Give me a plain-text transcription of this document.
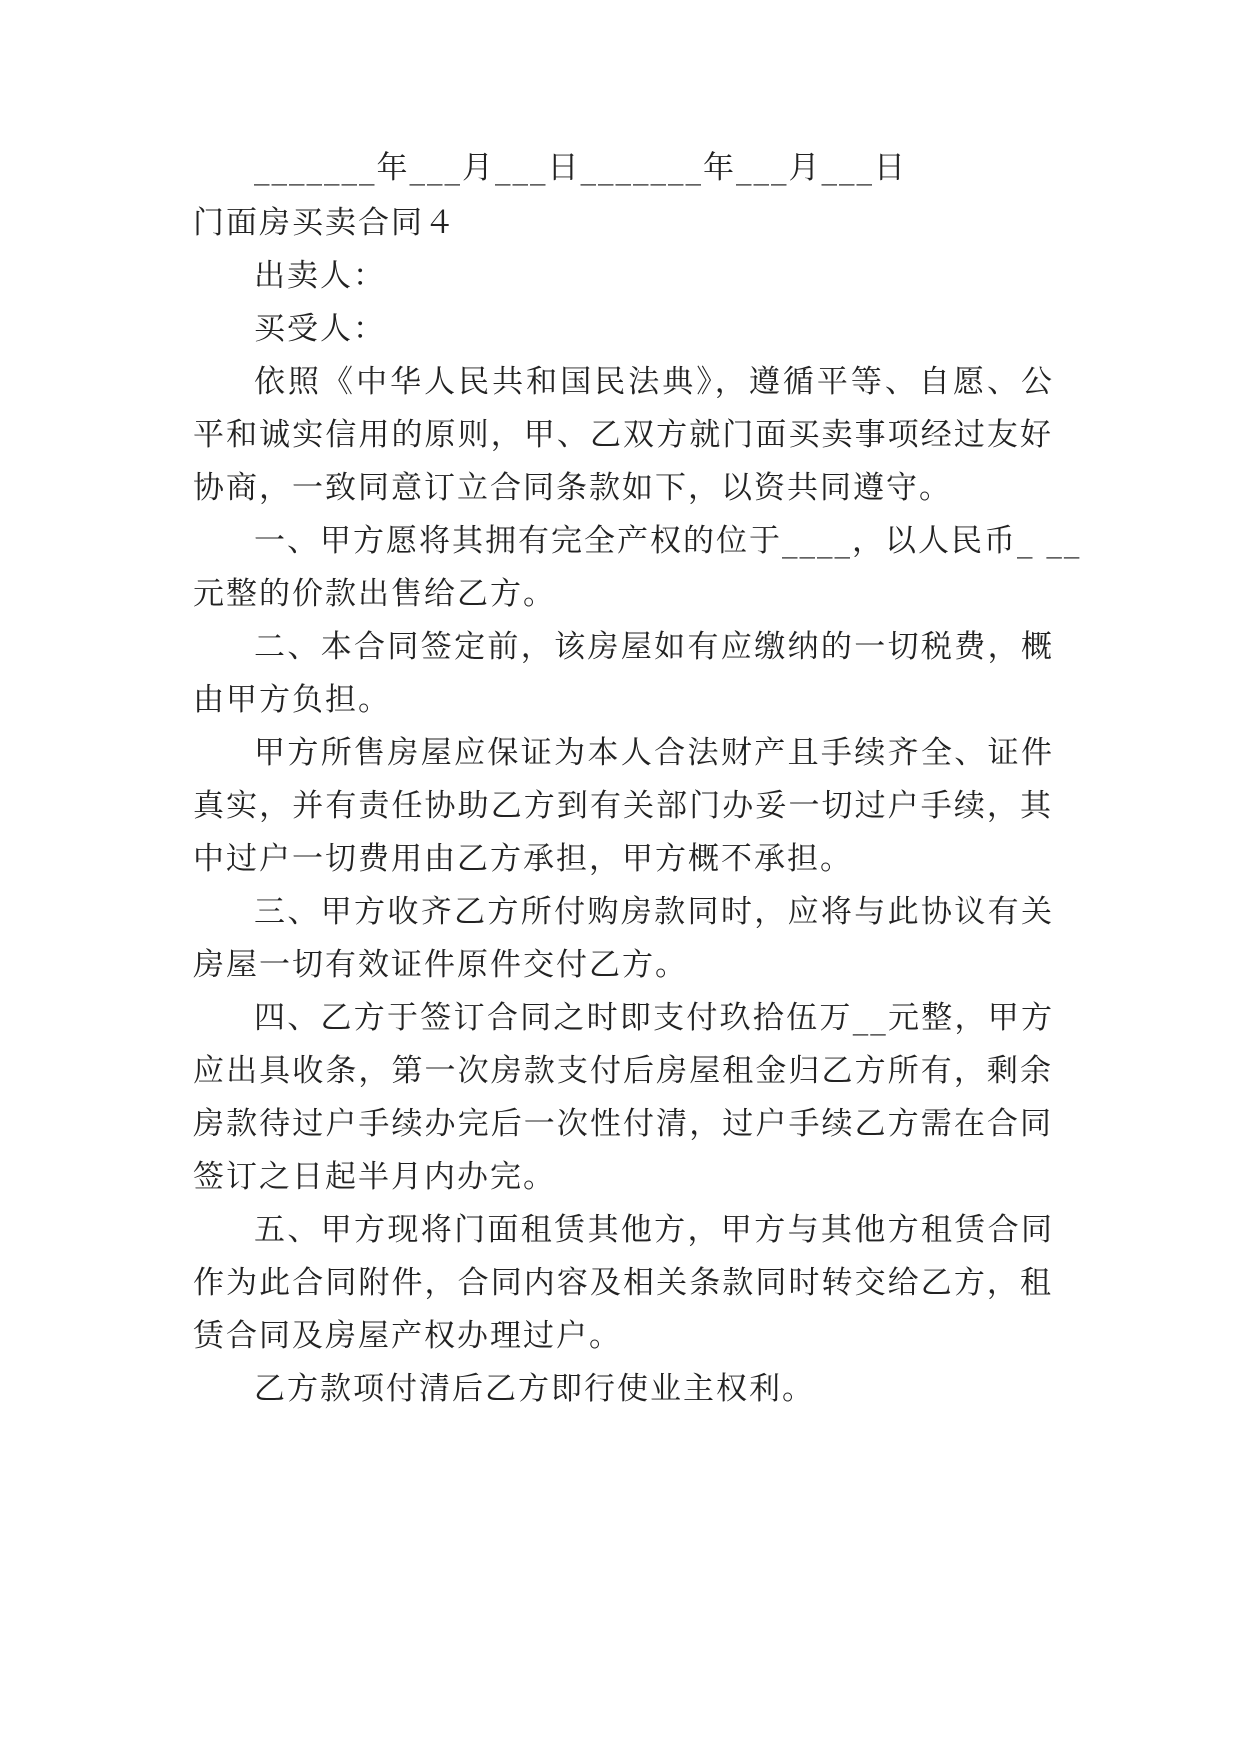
_______年___月___日_______年___月___日
门面房买卖合同４
出卖人：
买受人：
依照《中华人民共和国民法典》，遵循平等、自愿、公
平和诚实信用的原则，甲、乙双方就门面买卖事项经过友好
协商，一致同意订立合同条款如下，以资共同遵守。
一、甲方愿将其拥有完全产权的位于____，以人民币_ __
元整的价款出售给乙方。
二、本合同签定前，该房屋如有应缴纳的一切税费，概
由甲方负担。
甲方所售房屋应保证为本人合法财产且手续齐全、证件
真实，并有责任协助乙方到有关部门办妥一切过户手续，其
中过户一切费用由乙方承担，甲方概不承担。
三、甲方收齐乙方所付购房款同时，应将与此协议有关
房屋一切有效证件原件交付乙方。
四、乙方于签订合同之时即支付玖拾伍万__元整，甲方
应出具收条，第一次房款支付后房屋租金归乙方所有，剩余
房款待过户手续办完后一次性付清，过户手续乙方需在合同
签订之日起半月内办完。
五、甲方现将门面租赁其他方，甲方与其他方租赁合同
作为此合同附件，合同内容及相关条款同时转交给乙方，租
赁合同及房屋产权办理过户。
乙方款项付清后乙方即行使业主权利。
